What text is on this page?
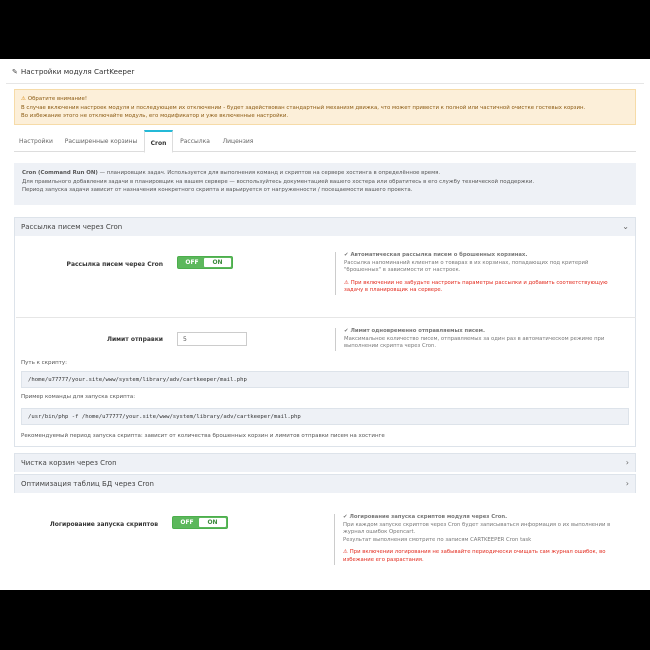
✎ Настройки модуля CartKeeper
⚠ Обратите внимание!
В случае включения настроек модуля и последующем их отключении - будет задействован стандартный механизм движка, что может привести к полной или частичной очистке гостевых корзин.
Во избежание этого не отключайте модуль, его модификатор и уже включенные настройки.
Настройки	Расширенные корзины	Cron	Рассылка	Лицензия
Cron (Command Run ON) — планировщик задач. Используется для выполнения команд и скриптов на сервере хостинга в определённое время.
Для правильного добавления задачи в планировщик на вашем сервере — воспользуйтесь документацией вашего хостера или обратитесь в его службу технической поддержки.
Период запуска задачи зависит от назначения конкретного скрипта и варьируется от нагруженности / посещаемости вашего проекта.
Рассылка писем через Cron	⌄
Рассылка писем через Cron	OFF	ON
✔ Автоматическая рассылка писем о брошенных корзинах.
Рассылка напоминаний клиентам о товарах в их корзинах, попадающих под критерий "брошенных" в зависимости от настроек.
⚠ При включении не забудьте настроить параметры рассылки и добавить соответствующую задачу в планировщик на сервере.
Лимит отправки	5
✔ Лимит одновременно отправляемых писем.
Максимальное количество писем, отправляемых за один раз в автоматическом режиме при выполнении скрипта через Cron.
Путь к скрипту:
/home/u77777/your.site/www/system/library/adv/cartkeeper/mail.php
Пример команды для запуска скрипта:
/usr/bin/php -f /home/u77777/your.site/www/system/library/adv/cartkeeper/mail.php
Рекомендуемый период запуска скрипта: зависит от количества брошенных корзин и лимитов отправки писем на хостинге
Чистка корзин через Cron	›
Оптимизация таблиц БД через Cron	›
Логирование запуска скриптов	OFF	ON
✔ Логирование запуска скриптов модуля через Cron.
При каждом запуске скриптов через Cron будет записываться информация о их выполнении в журнал ошибок Opencart.
Результат выполнения смотрите по записям CARTKEEPER Cron task
⚠ При включении логирования не забывайте периодически очищать сам журнал ошибок, во избежание его разрастания.
